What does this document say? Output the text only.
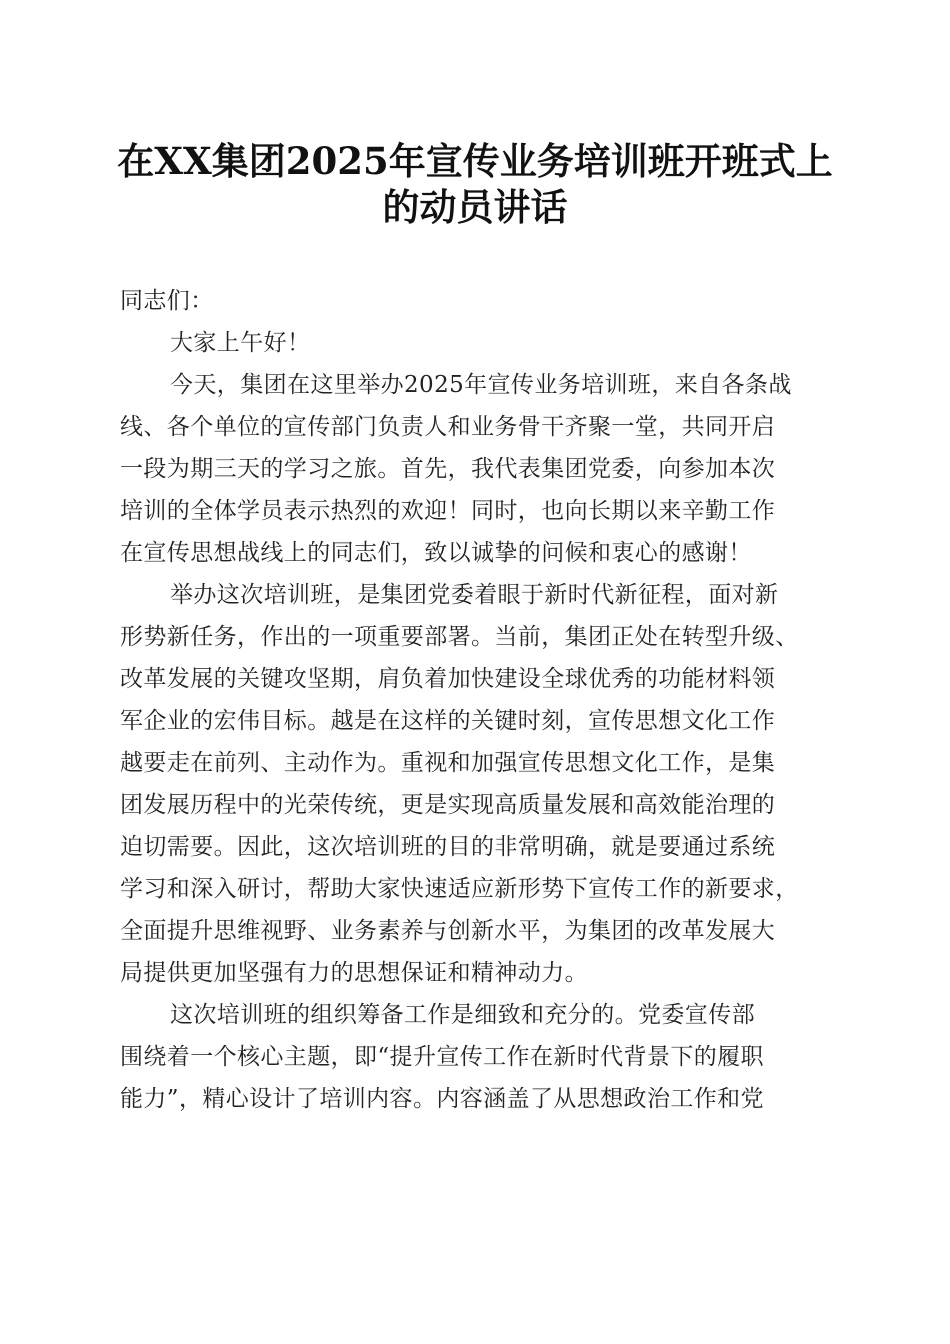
在XX集团2025年宣传业务培训班开班式上
的动员讲话
同志们：
大家上午好！
今天，集团在这里举办2025年宣传业务培训班，来自各条战
线、各个单位的宣传部门负责人和业务骨干齐聚一堂，共同开启
一段为期三天的学习之旅。首先，我代表集团党委，向参加本次
培训的全体学员表示热烈的欢迎！同时，也向长期以来辛勤工作
在宣传思想战线上的同志们，致以诚挚的问候和衷心的感谢！
举办这次培训班，是集团党委着眼于新时代新征程，面对新
形势新任务，作出的一项重要部署。当前，集团正处在转型升级、
改革发展的关键攻坚期，肩负着加快建设全球优秀的功能材料领
军企业的宏伟目标。越是在这样的关键时刻，宣传思想文化工作
越要走在前列、主动作为。重视和加强宣传思想文化工作，是集
团发展历程中的光荣传统，更是实现高质量发展和高效能治理的
迫切需要。因此，这次培训班的目的非常明确，就是要通过系统
学习和深入研讨，帮助大家快速适应新形势下宣传工作的新要求，
全面提升思维视野、业务素养与创新水平，为集团的改革发展大
局提供更加坚强有力的思想保证和精神动力。
这次培训班的组织筹备工作是细致和充分的。党委宣传部
围绕着一个核心主题，即“提升宣传工作在新时代背景下的履职
能力”，精心设计了培训内容。内容涵盖了从思想政治工作和党
